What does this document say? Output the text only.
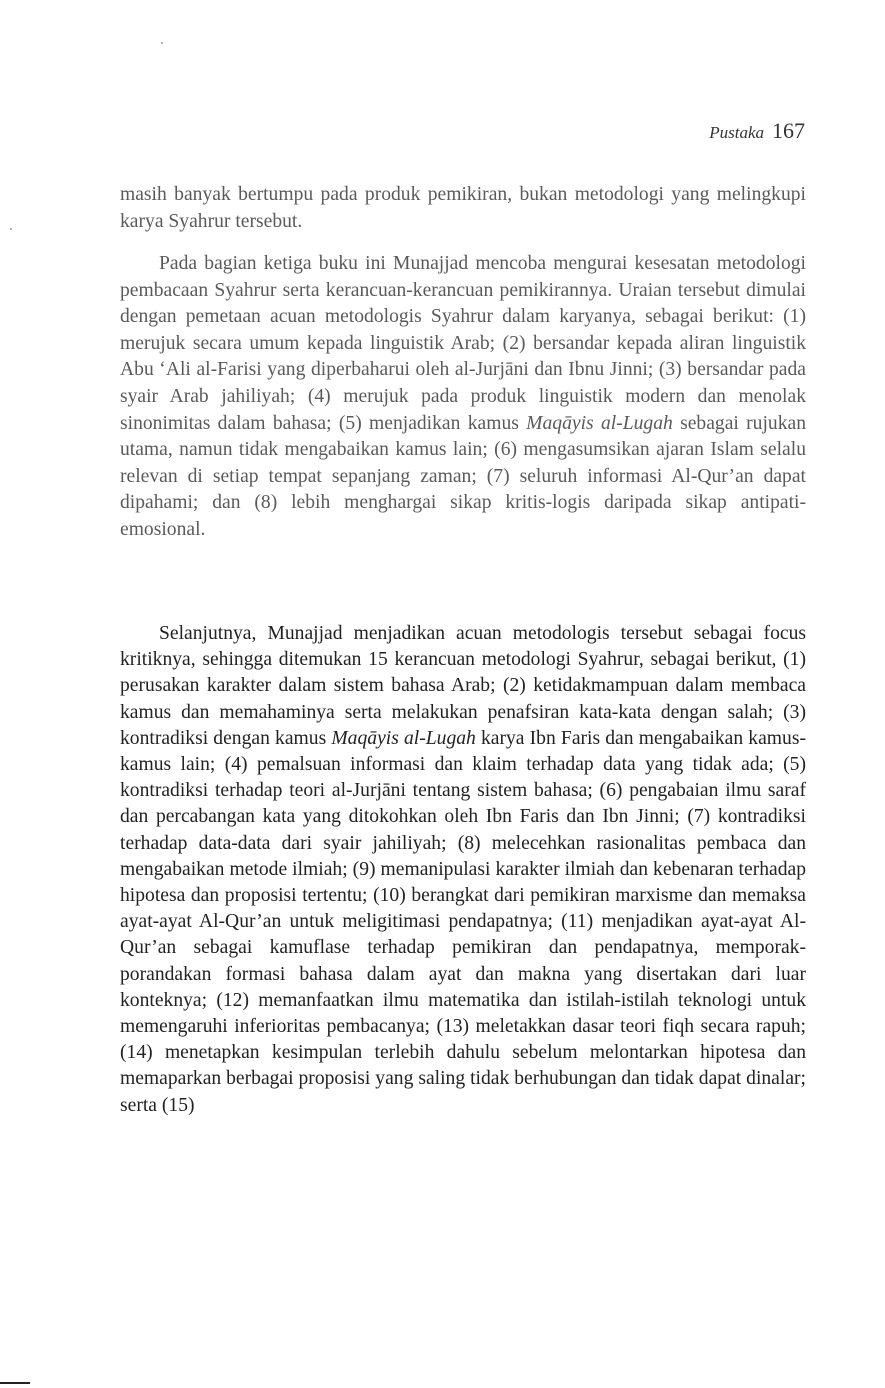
Pustaka 167

masih banyak bertumpu pada produk pemikiran, bukan metodologi yang melingkupi karya Syahrur tersebut.

Pada bagian ketiga buku ini Munajjad mencoba mengurai kesesatan metodologi pembacaan Syahrur serta kerancuan-kerancuan pemikirannya. Uraian tersebut dimulai dengan pemetaan acuan metodologis Syahrur dalam karyanya, sebagai berikut: (1) merujuk secara umum kepada linguistik Arab; (2) bersandar kepada aliran linguistik Abu ‘Ali al-Farisi yang diperbaharui oleh al-Jurjāni dan Ibnu Jinni; (3) bersandar pada syair Arab jahiliyah; (4) merujuk pada produk linguistik modern dan menolak sinonimitas dalam bahasa; (5) menjadikan kamus Maqāyis al-Lugah sebagai rujukan utama, namun tidak mengabaikan kamus lain; (6) mengasumsikan ajaran Islam selalu relevan di setiap tempat sepanjang zaman; (7) seluruh informasi Al-Qur’an dapat dipahami; dan (8) lebih menghargai sikap kritis-logis daripada sikap antipati-emosional.

Selanjutnya, Munajjad menjadikan acuan metodologis tersebut sebagai focus kritiknya, sehingga ditemukan 15 kerancuan metodologi Syahrur, sebagai berikut, (1) perusakan karakter dalam sistem bahasa Arab; (2) ketidakmampuan dalam membaca kamus dan memahaminya serta melakukan penafsiran kata-kata dengan salah; (3) kontradiksi dengan kamus Maqāyis al-Lugah karya Ibn Faris dan mengabaikan kamus-kamus lain; (4) pemalsuan informasi dan klaim terhadap data yang tidak ada; (5) kontradiksi terhadap teori al-Jurjāni tentang sistem bahasa; (6) pengabaian ilmu saraf dan percabangan kata yang ditokohkan oleh Ibn Faris dan Ibn Jinni; (7) kontradiksi terhadap data-data dari syair jahiliyah; (8) melecehkan rasionalitas pembaca dan mengabaikan metode ilmiah; (9) memanipulasi karakter ilmiah dan kebenaran terhadap hipotesa dan proposisi tertentu; (10) berangkat dari pemikiran marxisme dan memaksa ayat-ayat Al-Qur’an untuk meligitimasi pendapatnya; (11) menjadikan ayat-ayat Al-Qur’an sebagai kamuflase terhadap pemikiran dan pendapatnya, memporak-porandakan formasi bahasa dalam ayat dan makna yang disertakan dari luar konteknya; (12) memanfaatkan ilmu matematika dan istilah-istilah teknologi untuk memengaruhi inferioritas pembacanya; (13) meletakkan dasar teori fiqh secara rapuh; (14) menetapkan kesimpulan terlebih dahulu sebelum melontarkan hipotesa dan memaparkan berbagai proposisi yang saling tidak berhubungan dan tidak dapat dinalar; serta (15)
